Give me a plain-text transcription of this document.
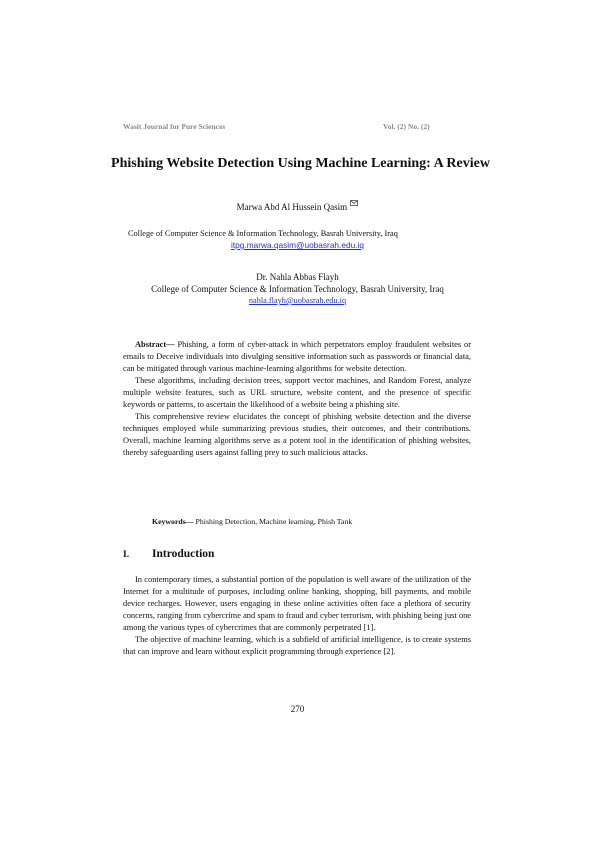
Wasit Journal for Pure Sciences	Vol. (2) No. (2)
Phishing Website Detection Using Machine Learning: A Review
Marwa Abd Al Hussein Qasim
College of Computer Science & Information Technology, Basrah University, Iraq
itpg.marwa.qasim@uobasrah.edu.iq
Dr. Nahla Abbas Flayh
College of Computer Science & Information Technology, Basrah University, Iraq
nahla.flayh@uobasrah.edu.iq

Abstract— Phishing, a form of cyber-attack in which perpetrators employ fraudulent websites or emails to Deceive individuals into divulging sensitive information such as passwords or financial data, can be mitigated through various machine-learning algorithms for website detection.

These algorithms, including decision trees, support vector machines, and Random Forest, analyze multiple website features, such as URL structure, website content, and the presence of specific keywords or patterns, to ascertain the likelihood of a website being a phishing site.

This comprehensive review elucidates the concept of phishing website detection and the diverse techniques employed while summarizing previous studies, their outcomes, and their contributions. Overall, machine learning algorithms serve as a potent tool in the identification of phishing websites, thereby safeguarding users against falling prey to such malicious attacks.

Keywords— Phishing Detection, Machine learning, Phish Tank
I. Introduction

In contemporary times, a substantial portion of the population is well aware of the utilization of the Internet for a multitude of purposes, including online banking, shopping, bill payments, and mobile device recharges. However, users engaging in these online activities often face a plethora of security concerns, ranging from cybercrime and spam to fraud and cyber terrorism, with phishing being just one among the various types of cybercrimes that are commonly perpetrated [1].

The objective of machine learning, which is a subfield of artificial intelligence, is to create systems that can improve and learn without explicit programming through experience [2].

270
